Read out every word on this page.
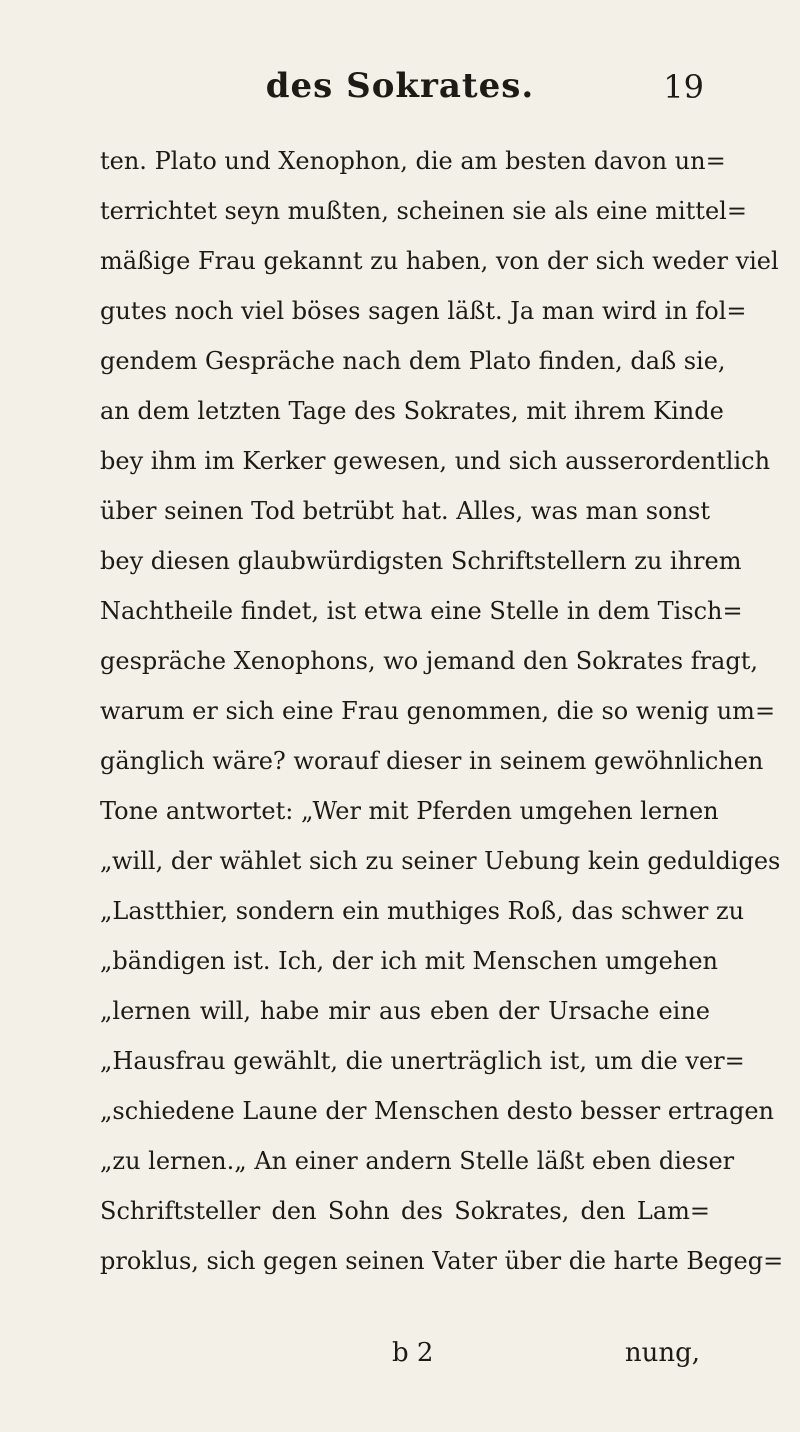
des Sokrates.	19
ten. Plato und Xenophon, die am besten davon un=
terrichtet seyn mußten, scheinen sie als eine mittel=
mäßige Frau gekannt zu haben, von der sich weder viel
gutes noch viel böses sagen läßt. Ja man wird in fol=
gendem Gespräche nach dem Plato finden, daß sie,
an dem letzten Tage des Sokrates, mit ihrem Kinde
bey ihm im Kerker gewesen, und sich ausserordentlich
über seinen Tod betrübt hat. Alles, was man sonst
bey diesen glaubwürdigsten Schriftstellern zu ihrem
Nachtheile findet, ist etwa eine Stelle in dem Tisch=
gespräche Xenophons, wo jemand den Sokrates fragt,
warum er sich eine Frau genommen, die so wenig um=
gänglich wäre? worauf dieser in seinem gewöhnlichen
Tone antwortet: „Wer mit Pferden umgehen lernen
„will, der wählet sich zu seiner Uebung kein geduldiges
„Lastthier, sondern ein muthiges Roß, das schwer zu
„bändigen ist. Ich, der ich mit Menschen umgehen
„lernen will, habe mir aus eben der Ursache eine
„Hausfrau gewählt, die unerträglich ist, um die ver=
„schiedene Laune der Menschen desto besser ertragen
„zu lernen.„ An einer andern Stelle läßt eben dieser
Schriftsteller den Sohn des Sokrates, den Lam=
proklus, sich gegen seinen Vater über die harte Begeg=
b 2	nung,
